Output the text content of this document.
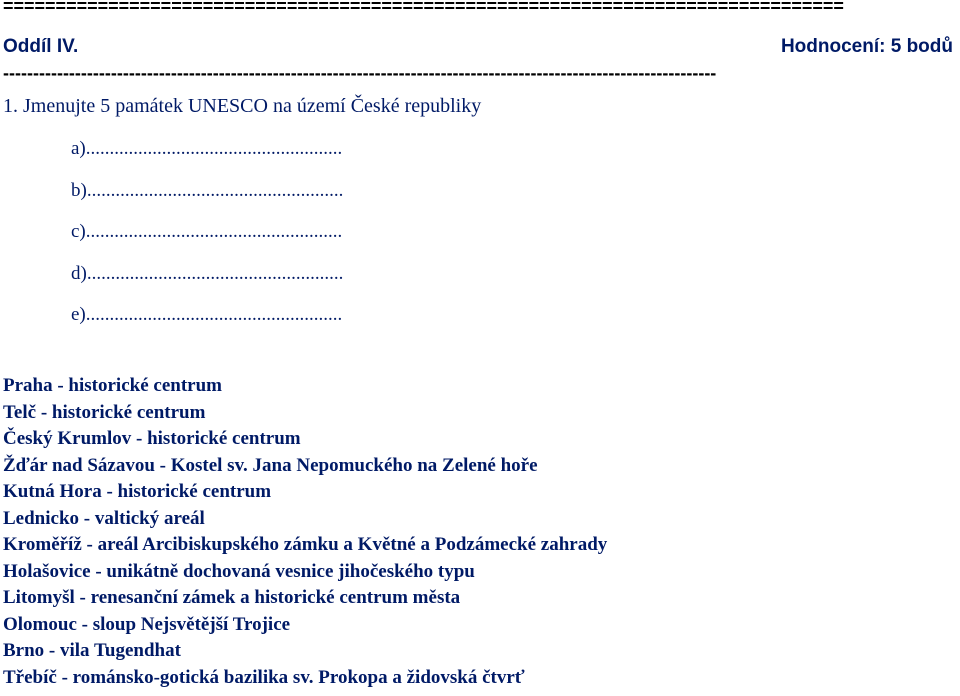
================================================================================
Oddíl IV.	Hodnocení: 5 bodů
-----------------------------------------------------------------------------------------------------------------------
1. Jmenujte 5 památek UNESCO na území České republiky
a)......................................................
b)......................................................
c)......................................................
d)......................................................
e)......................................................
Praha - historické centrum
Telč - historické centrum
Český Krumlov - historické centrum
Žďár nad Sázavou - Kostel sv. Jana Nepomuckého na Zelené hoře
Kutná Hora - historické centrum
Lednicko - valtický areál
Kroměříž - areál Arcibiskupského zámku a Květné a Podzámecké zahrady
Holašovice - unikátně dochovaná vesnice jihočeského typu
Litomyšl - renesanční zámek a historické centrum města
Olomouc - sloup Nejsvětější Trojice
Brno - vila Tugendhat
Třebíč - románsko-gotická bazilika sv. Prokopa a židovská čtvrť
